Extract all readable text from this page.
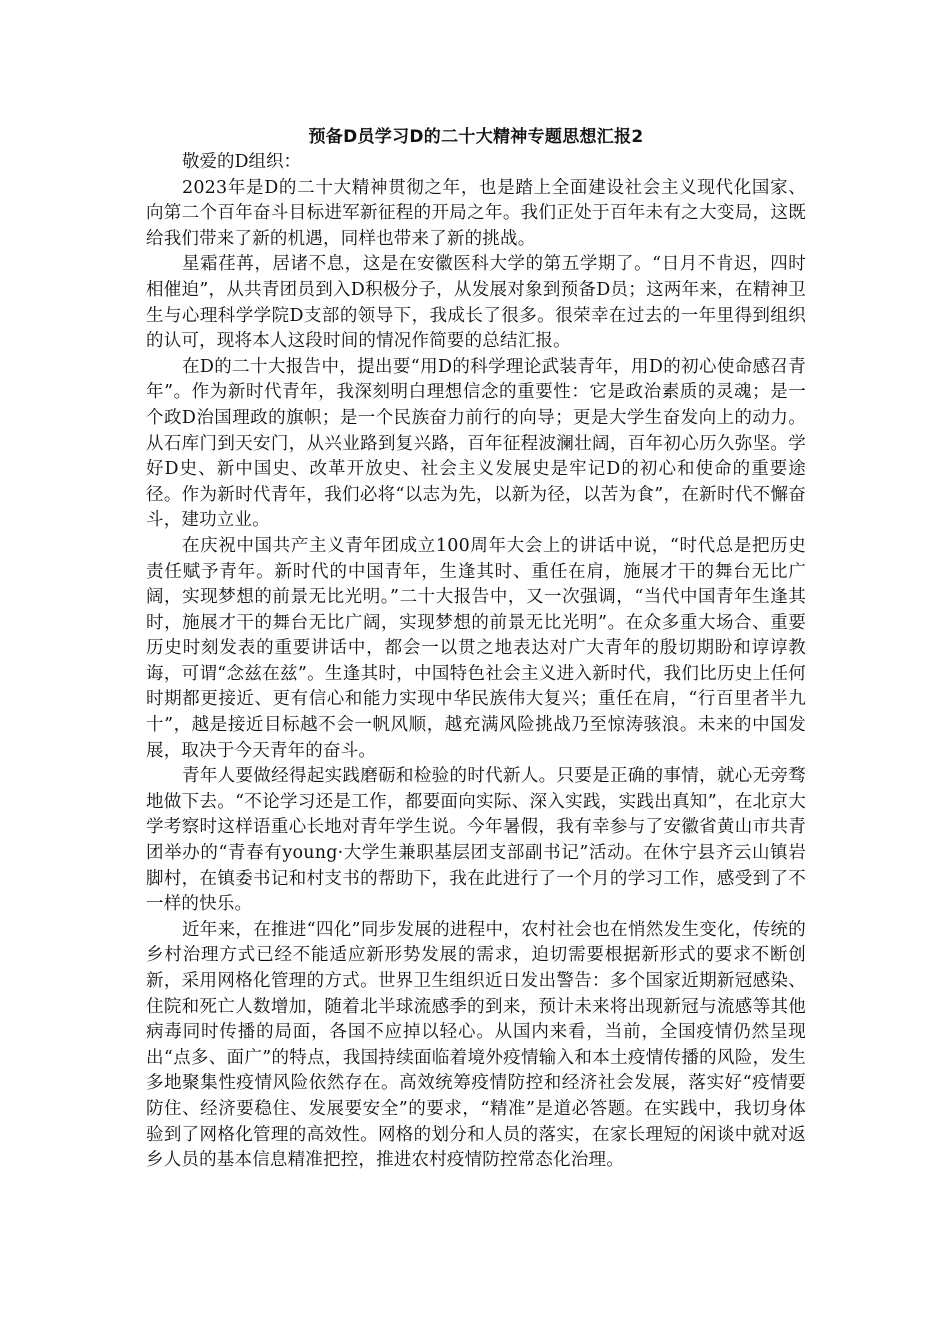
预备D员学习D的二十大精神专题思想汇报2

敬爱的D组织：

2023年是D的二十大精神贯彻之年，也是踏上全面建设社会主义现代化国家、向第二个百年奋斗目标进军新征程的开局之年。我们正处于百年未有之大变局，这既给我们带来了新的机遇，同样也带来了新的挑战。

星霜荏苒，居诸不息，这是在安徽医科大学的第五学期了。“日月不肯迟，四时相催迫”，从共青团员到入D积极分子，从发展对象到预备D员；这两年来，在精神卫生与心理科学学院D支部的领导下，我成长了很多。很荣幸在过去的一年里得到组织的认可，现将本人这段时间的情况作简要的总结汇报。

在D的二十大报告中，提出要“用D的科学理论武装青年，用D的初心使命感召青年”。作为新时代青年，我深刻明白理想信念的重要性：它是政治素质的灵魂；是一个政D治国理政的旗帜；是一个民族奋力前行的向导；更是大学生奋发向上的动力。从石库门到天安门，从兴业路到复兴路，百年征程波澜壮阔，百年初心历久弥坚。学好D史、新中国史、改革开放史、社会主义发展史是牢记D的初心和使命的重要途径。作为新时代青年，我们必将“以志为先，以新为径，以苦为食”，在新时代不懈奋斗，建功立业。

在庆祝中国共产主义青年团成立100周年大会上的讲话中说，“时代总是把历史责任赋予青年。新时代的中国青年，生逢其时、重任在肩，施展才干的舞台无比广阔，实现梦想的前景无比光明。”二十大报告中，又一次强调，“当代中国青年生逢其时，施展才干的舞台无比广阔，实现梦想的前景无比光明”。在众多重大场合、重要历史时刻发表的重要讲话中，都会一以贯之地表达对广大青年的殷切期盼和谆谆教诲，可谓“念兹在兹”。生逢其时，中国特色社会主义进入新时代，我们比历史上任何时期都更接近、更有信心和能力实现中华民族伟大复兴；重任在肩，“行百里者半九十”，越是接近目标越不会一帆风顺，越充满风险挑战乃至惊涛骇浪。未来的中国发展，取决于今天青年的奋斗。

青年人要做经得起实践磨砺和检验的时代新人。只要是正确的事情，就心无旁骛地做下去。“不论学习还是工作，都要面向实际、深入实践，实践出真知”，在北京大学考察时这样语重心长地对青年学生说。今年暑假，我有幸参与了安徽省黄山市共青团举办的“青春有young·大学生兼职基层团支部副书记”活动。在休宁县齐云山镇岩脚村，在镇委书记和村支书的帮助下，我在此进行了一个月的学习工作，感受到了不一样的快乐。

近年来，在推进“四化”同步发展的进程中，农村社会也在悄然发生变化，传统的乡村治理方式已经不能适应新形势发展的需求，迫切需要根据新形式的要求不断创新，采用网格化管理的方式。世界卫生组织近日发出警告：多个国家近期新冠感染、住院和死亡人数增加，随着北半球流感季的到来，预计未来将出现新冠与流感等其他病毒同时传播的局面，各国不应掉以轻心。从国内来看，当前，全国疫情仍然呈现出“点多、面广”的特点，我国持续面临着境外疫情输入和本土疫情传播的风险，发生多地聚集性疫情风险依然存在。高效统筹疫情防控和经济社会发展，落实好“疫情要防住、经济要稳住、发展要安全”的要求，“精准”是道必答题。在实践中，我切身体验到了网格化管理的高效性。网格的划分和人员的落实，在家长理短的闲谈中就对返乡人员的基本信息精准把控，推进农村疫情防控常态化治理。
